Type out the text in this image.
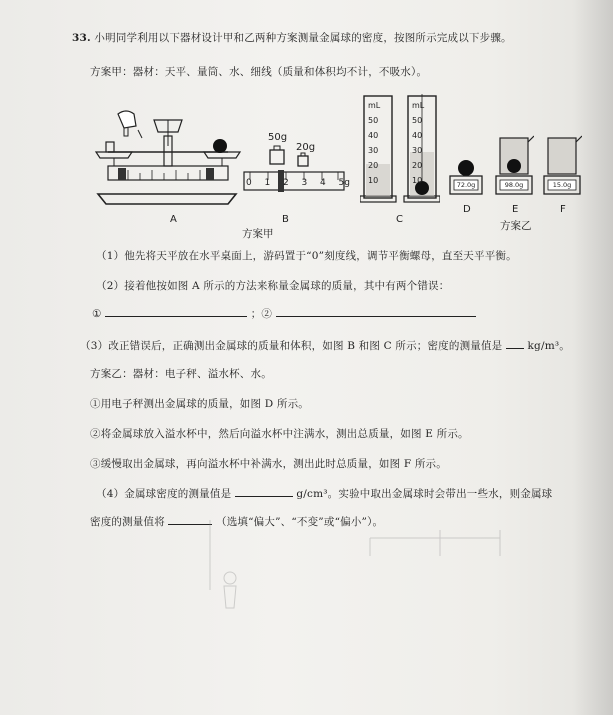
33. 小明同学利用以下器材设计甲和乙两种方案测量金属球的密度，按图所示完成以下步骤。
方案甲：器材：天平、量筒、水、细线（质量和体积均不计，不吸水）。
A
50g
20g
0 1 2 3 4 5g
B
方案甲
mL
50
40
30
20
10
mL
50
40
30
20
10
C
72.0g
D
98.0g
E
15.0g
F
方案乙
（1）他先将天平放在水平桌面上，游码置于“0”刻度线，调节平衡螺母，直至天平平衡。
（2）接着他按如图 A 所示的方法来称量金属球的质量，其中有两个错误：
①	；②
（3）改正错误后，正确测出金属球的质量和体积，如图 B 和图 C 所示；密度的测量值是 kg/m³。
方案乙：器材：电子秤、溢水杯、水。
①用电子秤测出金属球的质量，如图 D 所示。
②将金属球放入溢水杯中，然后向溢水杯中注满水，测出总质量，如图 E 所示。
③缓慢取出金属球，再向溢水杯中补满水，测出此时总质量，如图 F 所示。
（4）金属球密度的测量值是	g/cm³。实验中取出金属球时会带出一些水，则金属球
密度的测量值将	（选填“偏大”、“不变”或“偏小”）。
